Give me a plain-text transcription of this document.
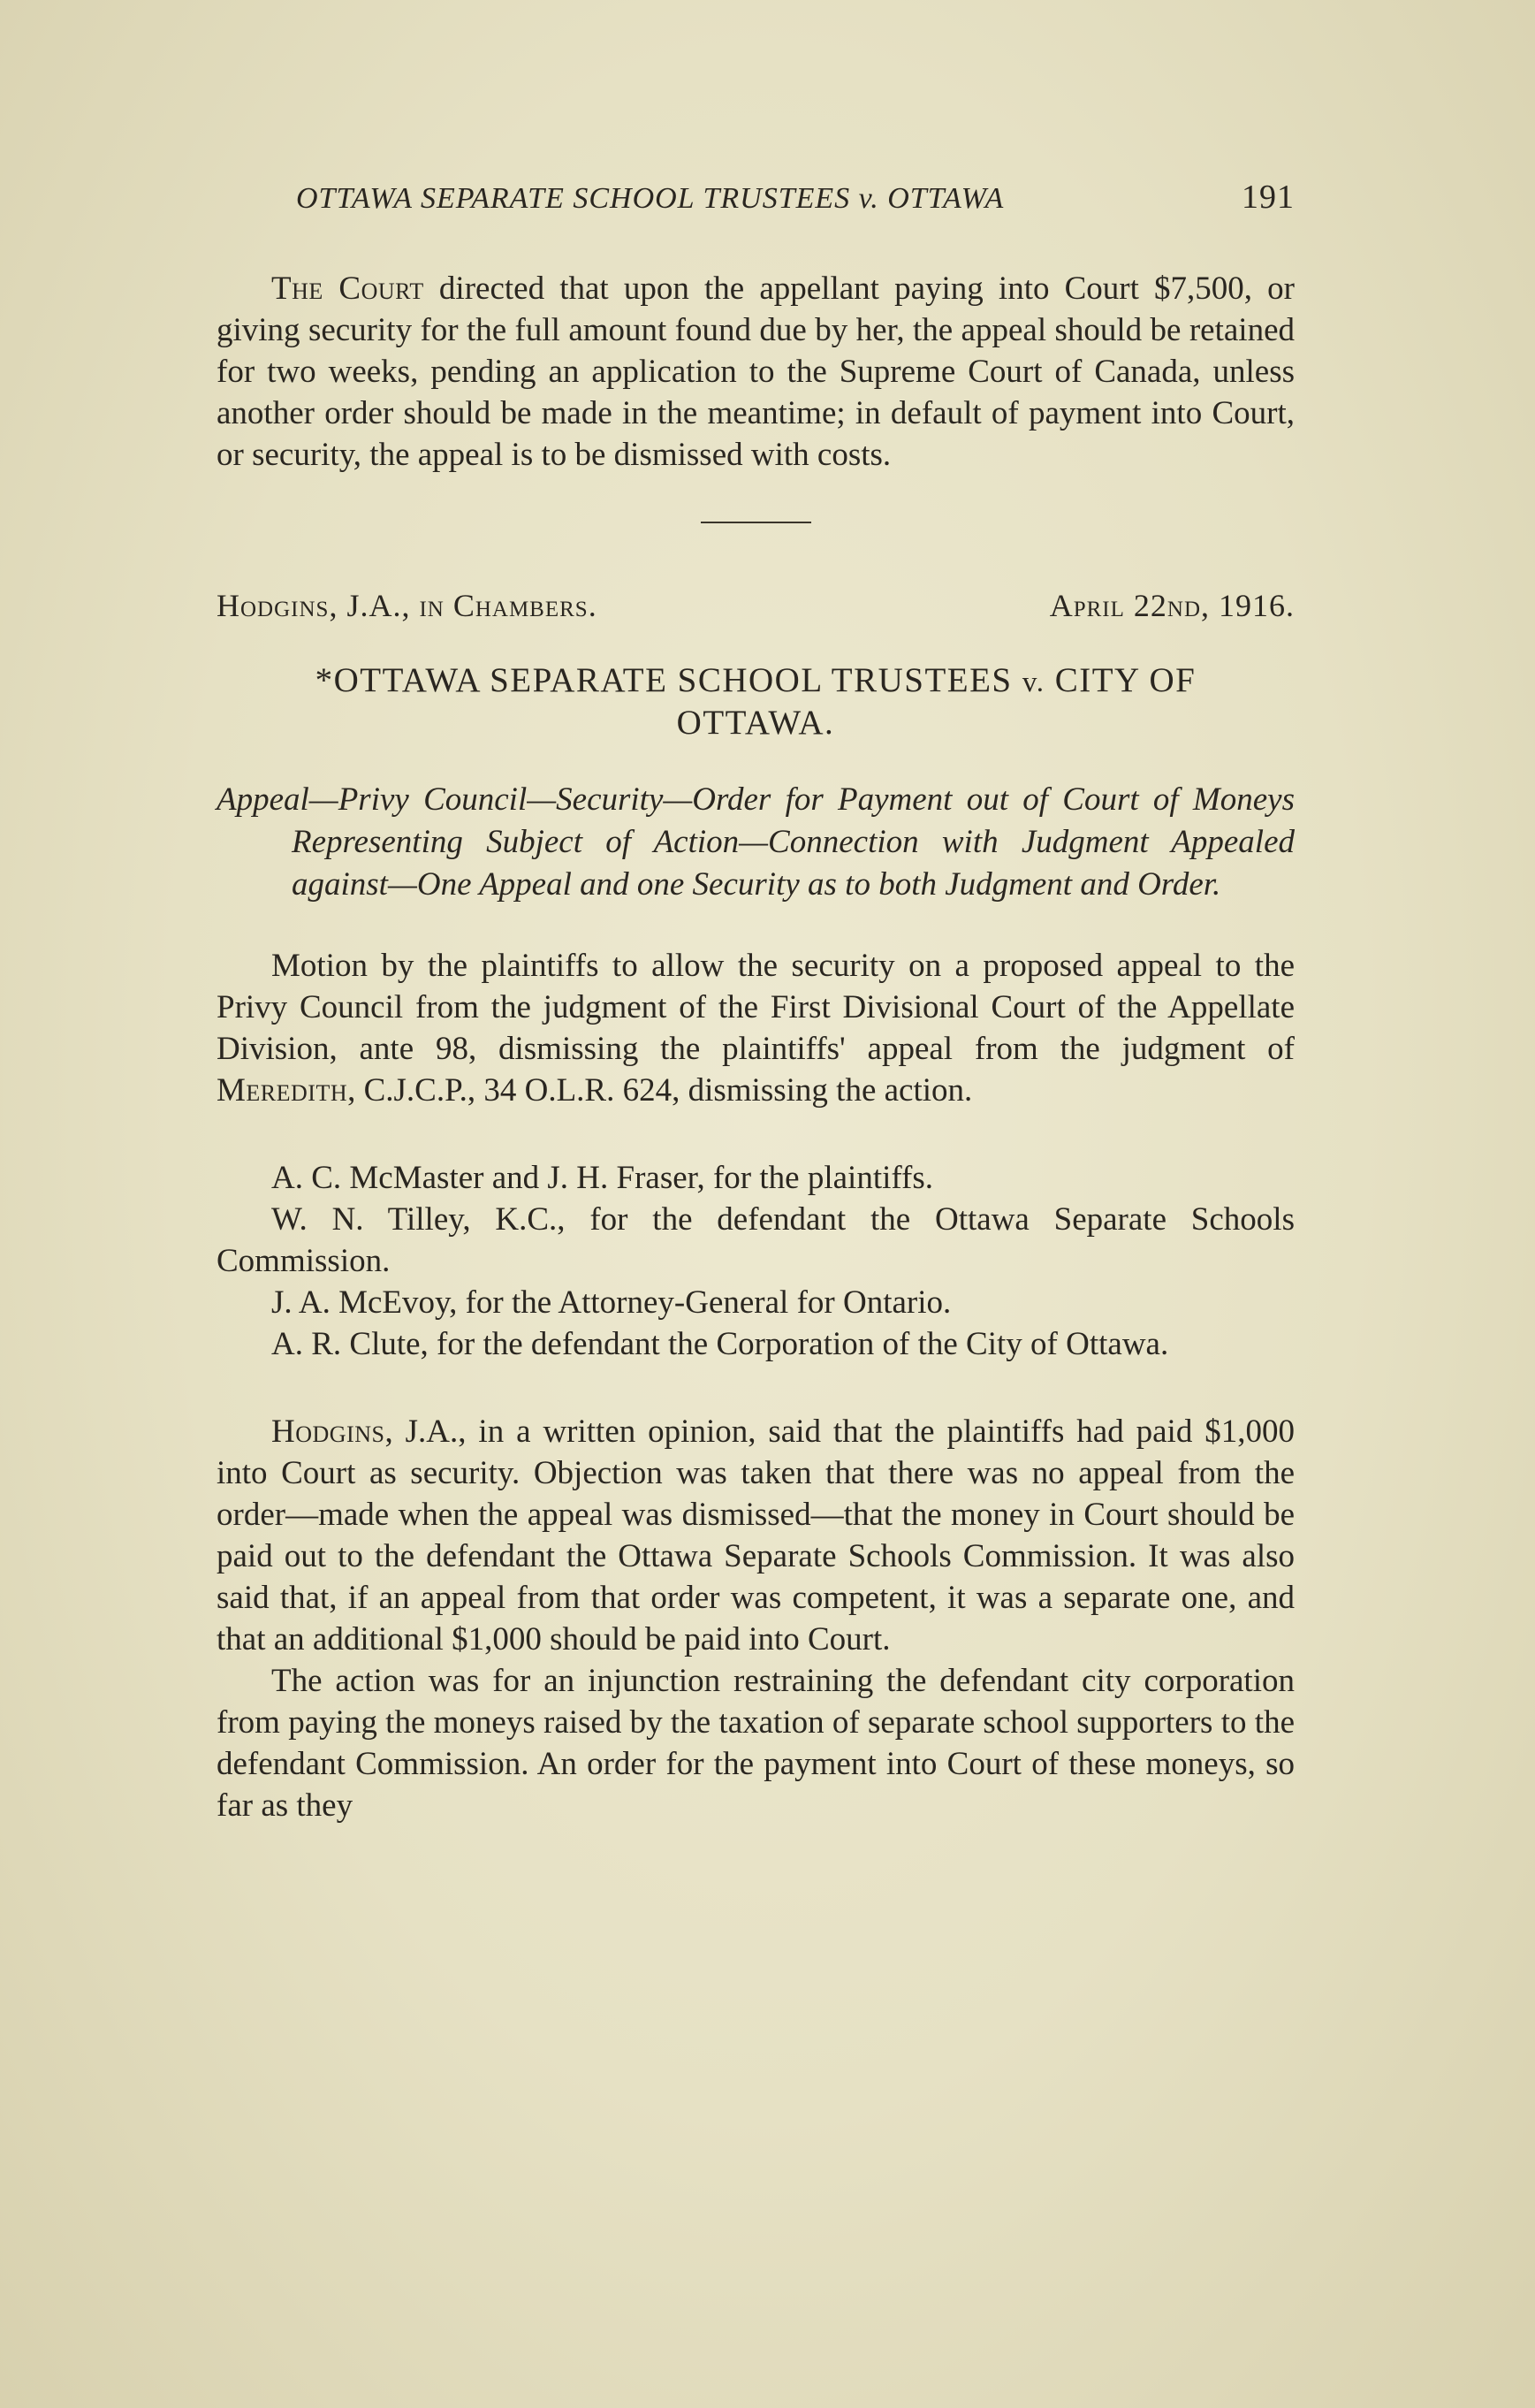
OTTAWA SEPARATE SCHOOL TRUSTEES v. OTTAWA	191

The Court directed that upon the appellant paying into Court $7,500, or giving security for the full amount found due by her, the appeal should be retained for two weeks, pending an application to the Supreme Court of Canada, unless another order should be made in the meantime; in default of payment into Court, or security, the appeal is to be dismissed with costs.

Hodgins, J.A., in Chambers.	April 22nd, 1916.
*OTTAWA SEPARATE SCHOOL TRUSTEES v. CITY OF
OTTAWA.

Appeal—Privy Council—Security—Order for Payment out of Court of Moneys Representing Subject of Action—Connection with Judgment Appealed against—One Appeal and one Security as to both Judgment and Order.

Motion by the plaintiffs to allow the security on a proposed appeal to the Privy Council from the judgment of the First Divisional Court of the Appellate Division, ante 98, dismissing the plaintiffs' appeal from the judgment of Meredith, C.J.C.P., 34 O.L.R. 624, dismissing the action.

A. C. McMaster and J. H. Fraser, for the plaintiffs.

W. N. Tilley, K.C., for the defendant the Ottawa Separate Schools Commission.

J. A. McEvoy, for the Attorney-General for Ontario.

A. R. Clute, for the defendant the Corporation of the City of Ottawa.

Hodgins, J.A., in a written opinion, said that the plaintiffs had paid $1,000 into Court as security. Objection was taken that there was no appeal from the order—made when the appeal was dismissed—that the money in Court should be paid out to the defendant the Ottawa Separate Schools Commission. It was also said that, if an appeal from that order was competent, it was a separate one, and that an additional $1,000 should be paid into Court.

The action was for an injunction restraining the defendant city corporation from paying the moneys raised by the taxation of separate school supporters to the defendant Commission. An order for the payment into Court of these moneys, so far as they
